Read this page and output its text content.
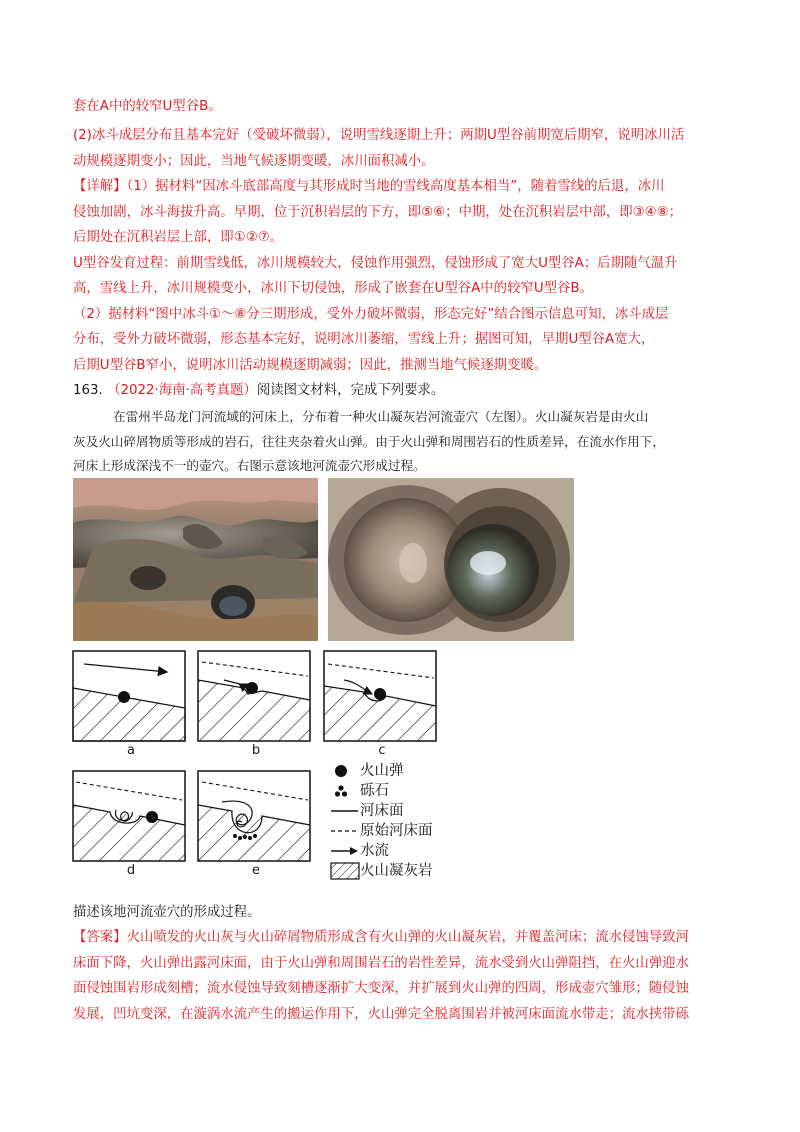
套在A中的较窄U型谷B。
(2)冰斗成层分布且基本完好（受破坏微弱），说明雪线逐期上升；两期U型谷前期宽后期窄，说明冰川活
动规模逐期变小；因此，当地气候逐期变暖，冰川面积减小。
【详解】（1）据材料“因冰斗底部高度与其形成时当地的雪线高度基本相当”，随着雪线的后退，冰川
侵蚀加剧，冰斗海拔升高。早期，位于沉积岩层的下方，即⑤⑥；中期，处在沉积岩层中部，即③④⑧；
后期处在沉积岩层上部，即①②⑦。
U型谷发育过程：前期雪线低，冰川规模较大，侵蚀作用强烈，侵蚀形成了宽大U型谷A；后期随气温升
高，雪线上升，冰川规模变小，冰川下切侵蚀，形成了嵌套在U型谷A中的较窄U型谷B。
（2）据材料“图中冰斗①～⑧分三期形成，受外力破坏微弱，形态完好”结合图示信息可知，冰斗成层
分布，受外力破坏微弱，形态基本完好，说明冰川萎缩，雪线上升；据图可知，早期U型谷A宽大，
后期U型谷B窄小，说明冰川活动规模逐期减弱；因此，推测当地气候逐期变暖。
163. （2022·海南·高考真题）阅读图文材料，完成下列要求。
在雷州半岛龙门河流域的河床上，分布着一种火山凝灰岩河流壶穴（左图）。火山凝灰岩是由火山
灰及火山碎屑物质等形成的岩石，往往夹杂着火山弹。由于火山弹和周围岩石的性质差异，在流水作用下，
河床上形成深浅不一的壶穴。右图示意该地河流壶穴形成过程。
a	b	c
d	e
火山弹
砾石
河床面
原始河床面
水流
火山凝灰岩
描述该地河流壶穴的形成过程。
【答案】火山喷发的火山灰与火山碎屑物质形成含有火山弹的火山凝灰岩，并覆盖河床；流水侵蚀导致河
床面下降，火山弹出露河床面，由于火山弹和周围岩石的岩性差异，流水受到火山弹阻挡，在火山弹迎水
面侵蚀围岩形成刻槽；流水侵蚀导致刻槽逐渐扩大变深，并扩展到火山弹的四周，形成壶穴雏形；随侵蚀
发展，凹坑变深，在漩涡水流产生的搬运作用下，火山弹完全脱离围岩并被河床面流水带走；流水挟带砾
